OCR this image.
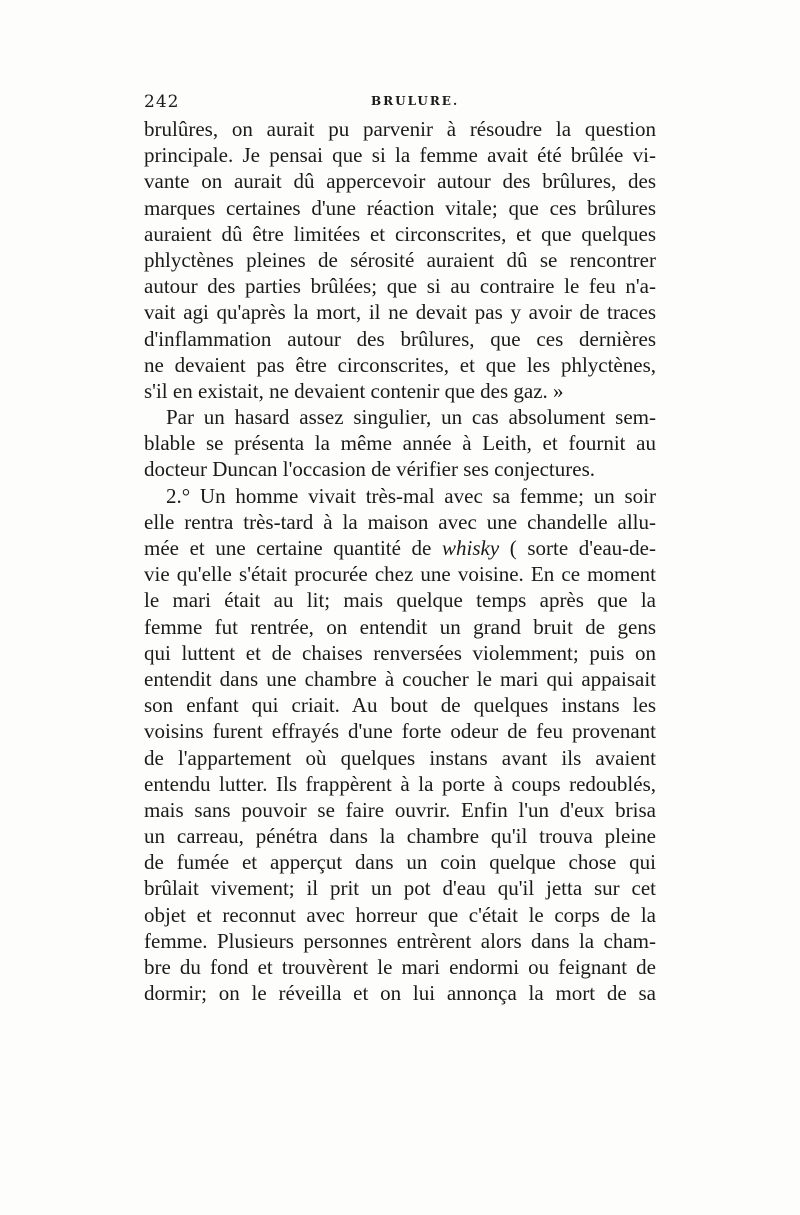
242	BRULURE.
brulûres, on aurait pu parvenir à résoudre la question
principale. Je pensai que si la femme avait été brûlée vi-
vante on aurait dû appercevoir autour des brûlures, des
marques certaines d'une réaction vitale; que ces brûlures
auraient dû être limitées et circonscrites, et que quelques
phlyctènes pleines de sérosité auraient dû se rencontrer
autour des parties brûlées; que si au contraire le feu n'a-
vait agi qu'après la mort, il ne devait pas y avoir de traces
d'inflammation autour des brûlures, que ces dernières
ne devaient pas être circonscrites, et que les phlyctènes,
s'il en existait, ne devaient contenir que des gaz. »
Par un hasard assez singulier, un cas absolument sem-
blable se présenta la même année à Leith, et fournit au
docteur Duncan l'occasion de vérifier ses conjectures.
2.° Un homme vivait très-mal avec sa femme; un soir
elle rentra très-tard à la maison avec une chandelle allu-
mée et une certaine quantité de whisky ( sorte d'eau-de-
vie qu'elle s'était procurée chez une voisine. En ce moment
le mari était au lit; mais quelque temps après que la
femme fut rentrée, on entendit un grand bruit de gens
qui luttent et de chaises renversées violemment; puis on
entendit dans une chambre à coucher le mari qui appaisait
son enfant qui criait. Au bout de quelques instans les
voisins furent effrayés d'une forte odeur de feu provenant
de l'appartement où quelques instans avant ils avaient
entendu lutter. Ils frappèrent à la porte à coups redoublés,
mais sans pouvoir se faire ouvrir. Enfin l'un d'eux brisa
un carreau, pénétra dans la chambre qu'il trouva pleine
de fumée et apperçut dans un coin quelque chose qui
brûlait vivement; il prit un pot d'eau qu'il jetta sur cet
objet et reconnut avec horreur que c'était le corps de la
femme. Plusieurs personnes entrèrent alors dans la cham-
bre du fond et trouvèrent le mari endormi ou feignant de
dormir; on le réveilla et on lui annonça la mort de sa
